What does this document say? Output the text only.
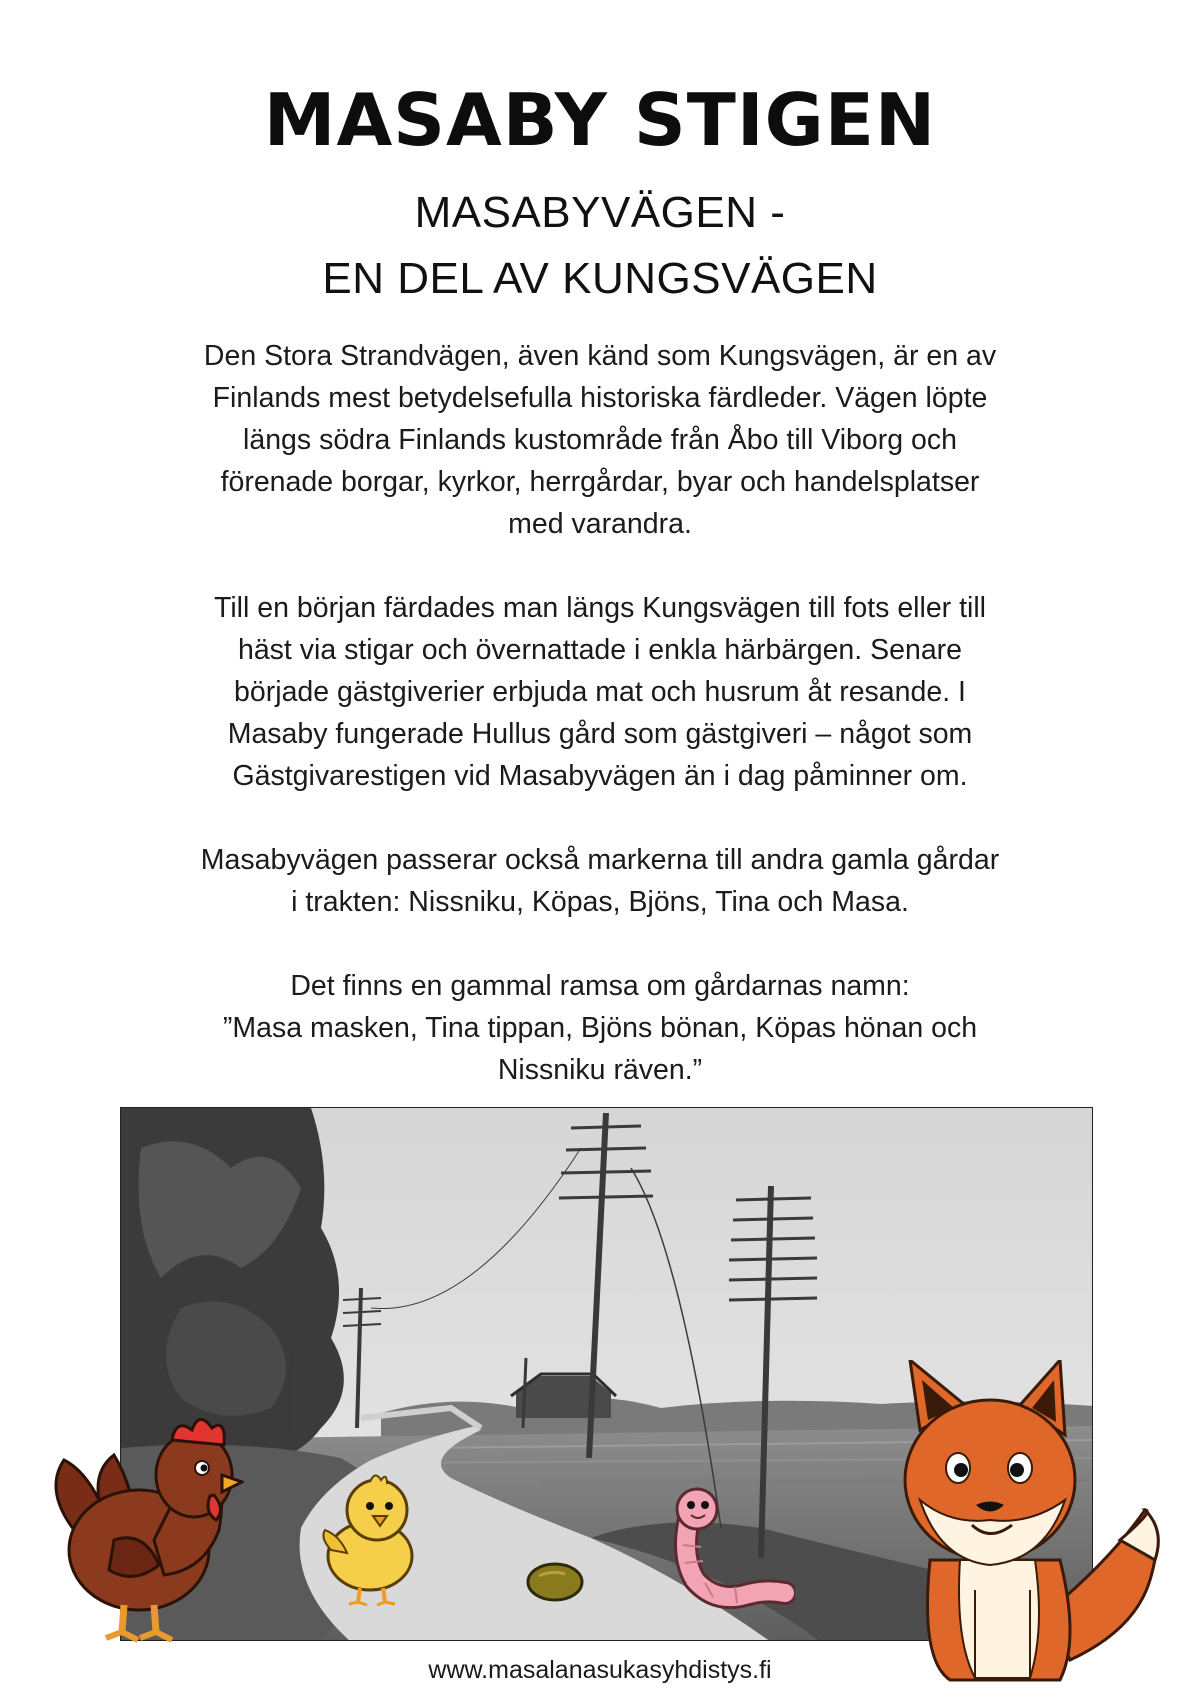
MASABY STIGEN
MASABYVÄGEN -
EN DEL AV KUNGSVÄGEN

Den Stora Strandvägen, även känd som Kungsvägen, är en av
Finlands mest betydelsefulla historiska färdleder. Vägen löpte
längs södra Finlands kustområde från Åbo till Viborg och
förenade borgar, kyrkor, herrgårdar, byar och handelsplatser
med varandra.

Till en början färdades man längs Kungsvägen till fots eller till
häst via stigar och övernattade i enkla härbärgen. Senare
började gästgiverier erbjuda mat och husrum åt resande. I
Masaby fungerade Hullus gård som gästgiveri – något som
Gästgivarestigen vid Masabyvägen än i dag påminner om.

Masabyvägen passerar också markerna till andra gamla gårdar
i trakten: Nissniku, Köpas, Bjöns, Tina och Masa.

Det finns en gammal ramsa om gårdarnas namn:
”Masa masken, Tina tippan, Bjöns bönan, Köpas hönan och
Nissniku räven.”

www.masalanasukasyhdistys.fi
